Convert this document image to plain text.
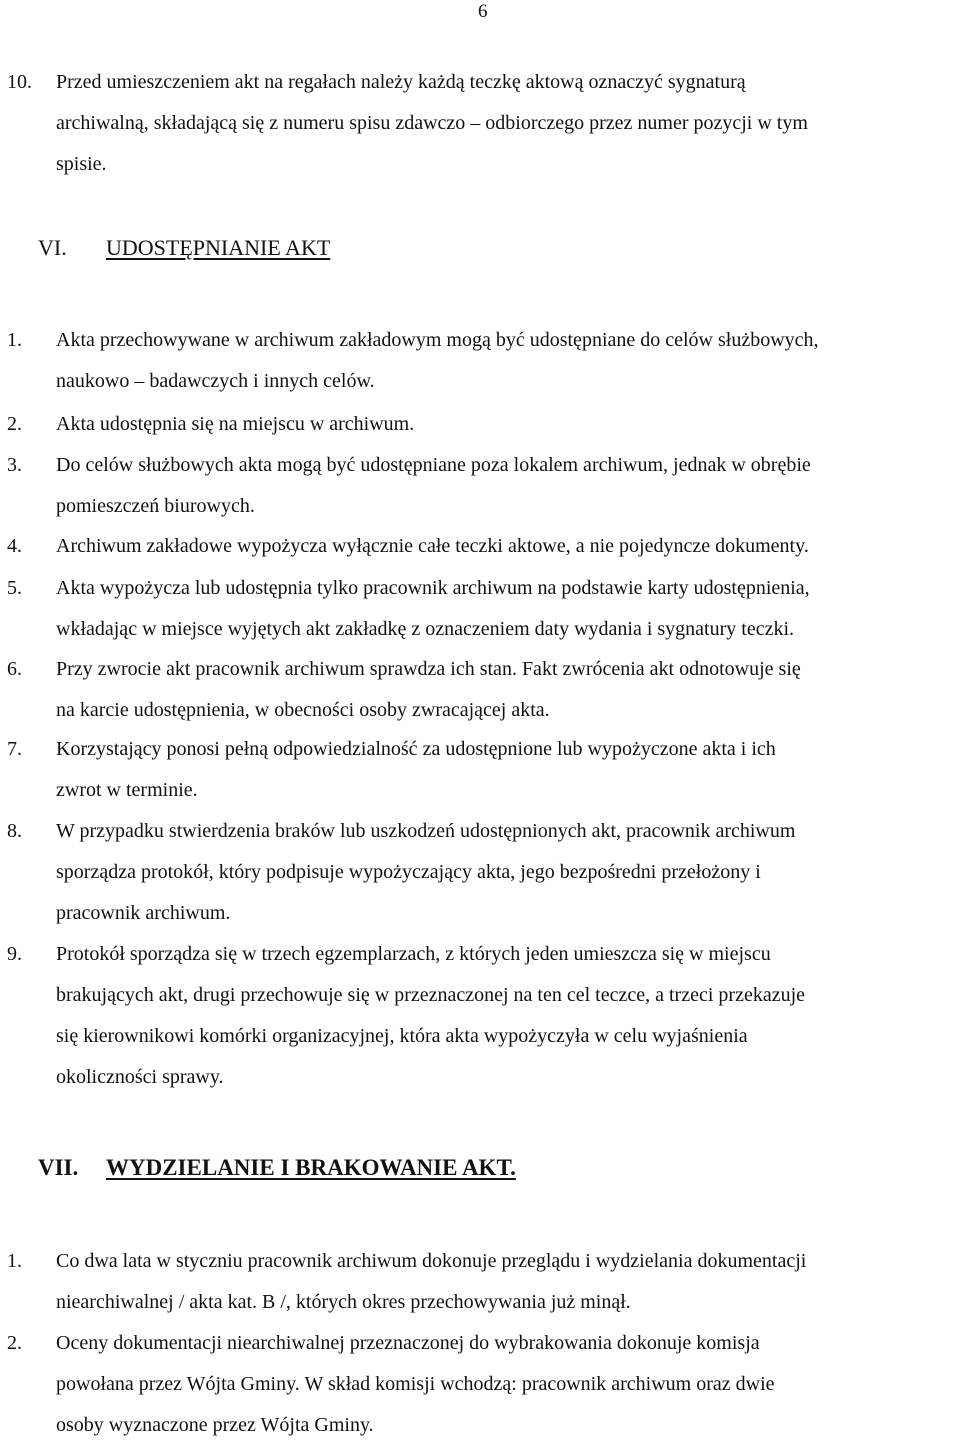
6
10. Przed umieszczeniem akt na regałach należy każdą teczkę aktową oznaczyć sygnaturą
archiwalną, składającą się z numeru spisu zdawczo – odbiorczego przez numer pozycji w tym
spisie.
VI. UDOSTĘPNIANIE AKT
1. Akta przechowywane w archiwum zakładowym mogą być udostępniane do celów służbowych,
naukowo – badawczych i innych celów.
2. Akta udostępnia się na miejscu w archiwum.
3. Do celów służbowych akta mogą być udostępniane poza lokalem archiwum, jednak w obrębie
pomieszczeń biurowych.
4. Archiwum zakładowe wypożycza wyłącznie całe teczki aktowe, a nie pojedyncze dokumenty.
5. Akta wypożycza lub udostępnia tylko pracownik archiwum na podstawie karty udostępnienia,
wkładając w miejsce wyjętych akt zakładkę z oznaczeniem daty wydania i sygnatury teczki.
6. Przy zwrocie akt pracownik archiwum sprawdza ich stan. Fakt zwrócenia akt odnotowuje się
na karcie udostępnienia, w obecności osoby zwracającej akta.
7. Korzystający ponosi pełną odpowiedzialność za udostępnione lub wypożyczone akta i ich
zwrot w terminie.
8. W przypadku stwierdzenia braków lub uszkodzeń udostępnionych akt, pracownik archiwum
sporządza protokół, który podpisuje wypożyczający akta, jego bezpośredni przełożony i
pracownik archiwum.
9. Protokół sporządza się w trzech egzemplarzach, z których jeden umieszcza się w miejscu
brakujących akt, drugi przechowuje się w przeznaczonej na ten cel teczce, a trzeci przekazuje
się kierownikowi komórki organizacyjnej, która akta wypożyczyła w celu wyjaśnienia
okoliczności sprawy.
VII. WYDZIELANIE I BRAKOWANIE AKT.
1. Co dwa lata w styczniu pracownik archiwum dokonuje przeglądu i wydzielania dokumentacji
niearchiwalnej / akta kat. B /, których okres przechowywania już minął.
2. Oceny dokumentacji niearchiwalnej przeznaczonej do wybrakowania dokonuje komisja
powołana przez Wójta Gminy. W skład komisji wchodzą: pracownik archiwum oraz dwie
osoby wyznaczone przez Wójta Gminy.
